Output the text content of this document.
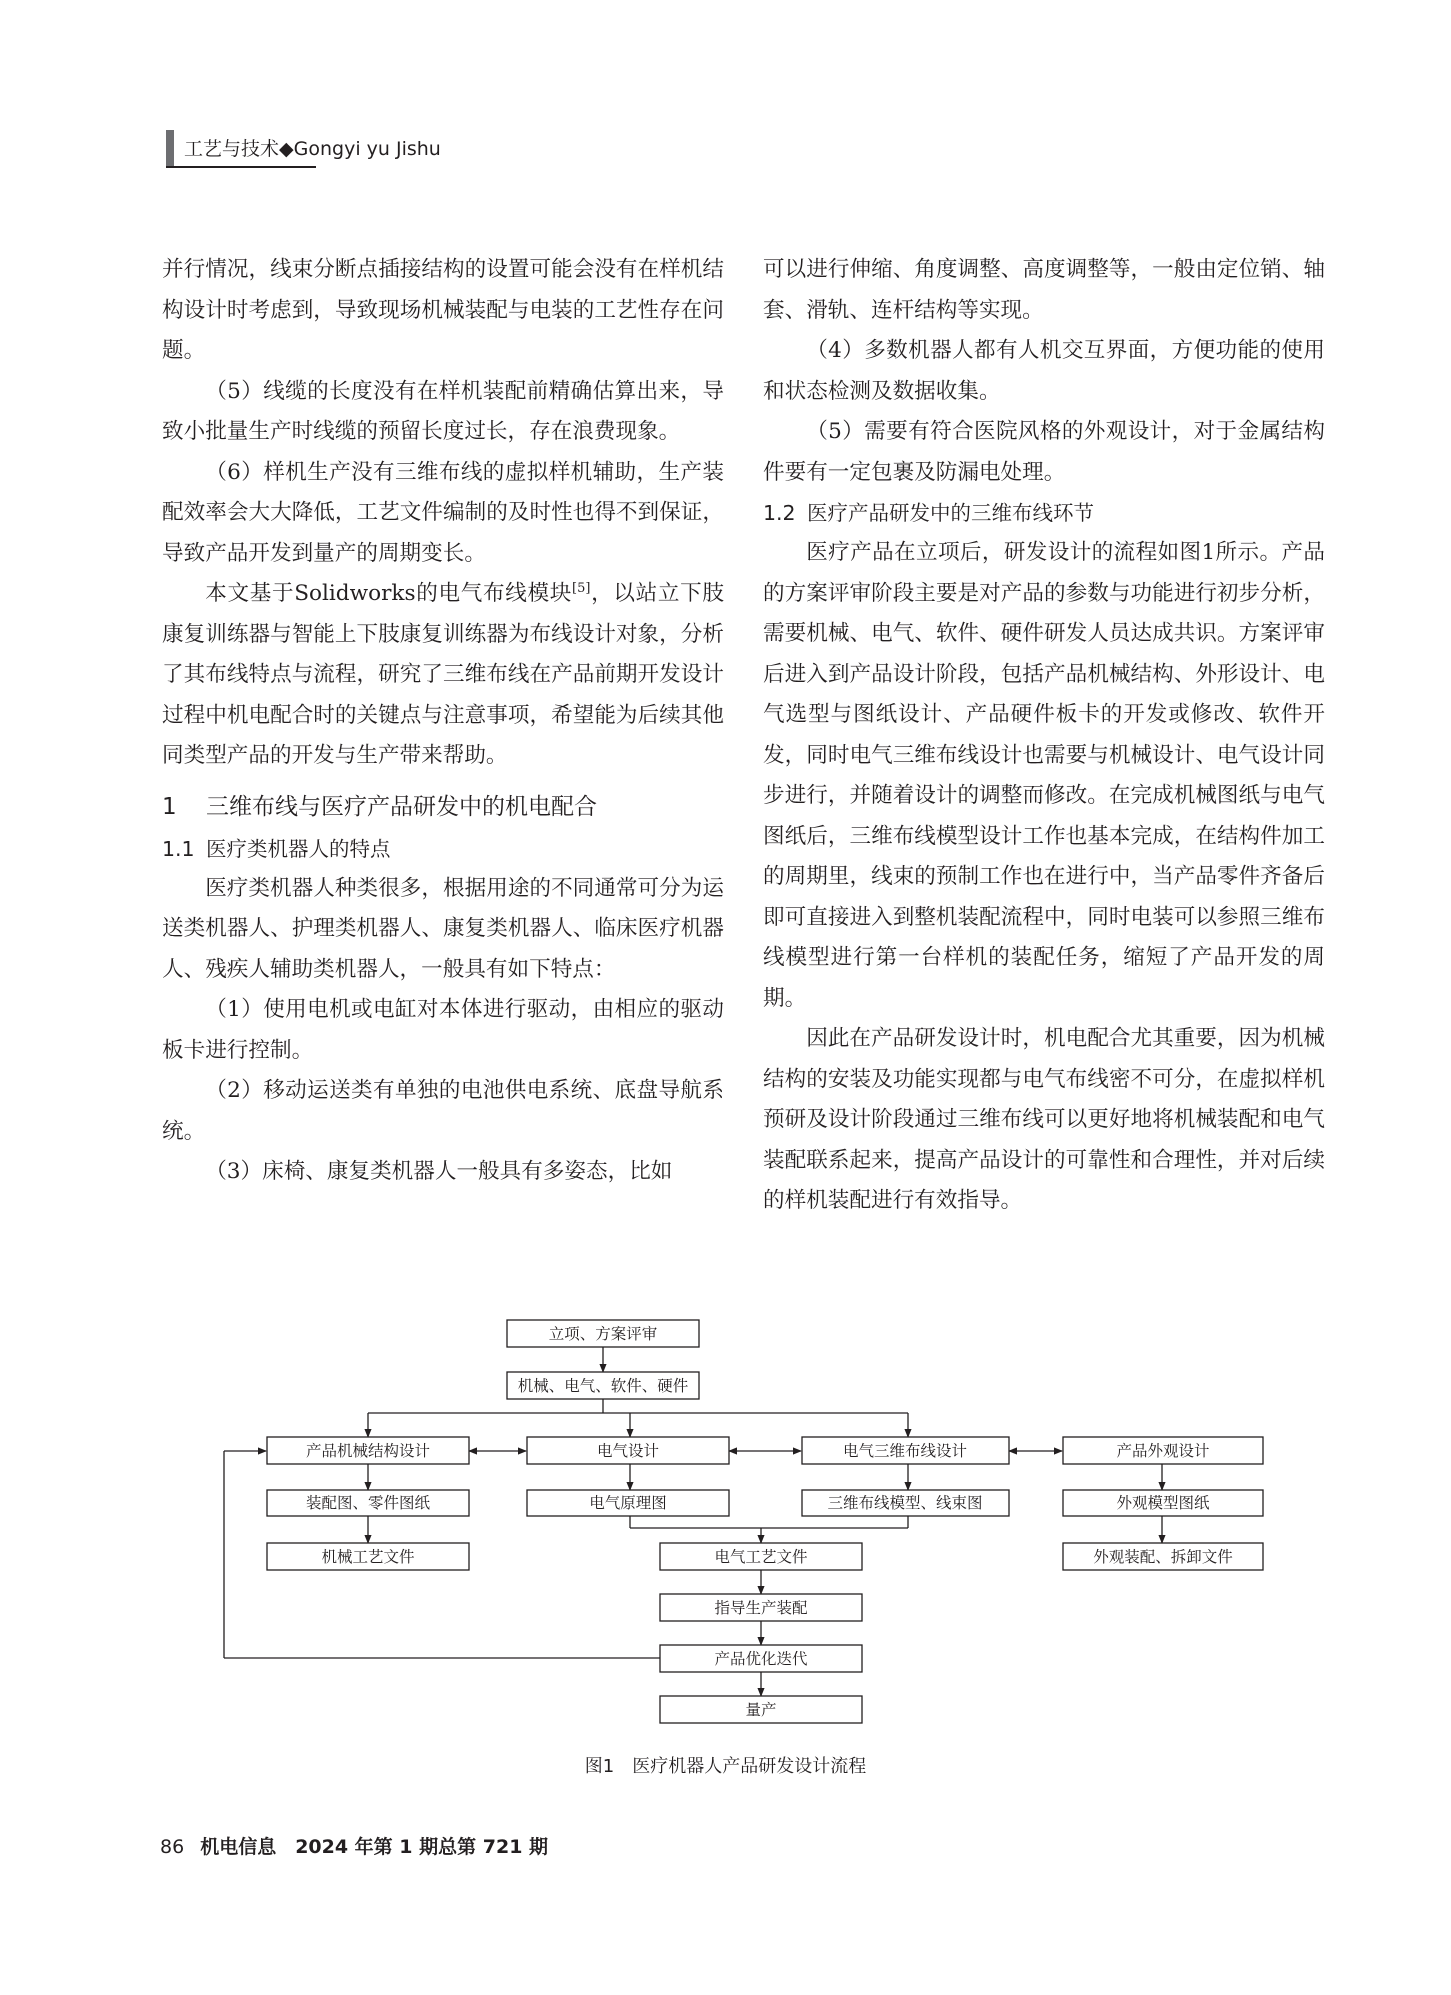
工艺与技术◆Gongyi yu Jishu

并行情况，线束分断点插接结构的设置可能会没有在样机结构设计时考虑到，导致现场机械装配与电装的工艺性存在问题。

（5）线缆的长度没有在样机装配前精确估算出来，导致小批量生产时线缆的预留长度过长，存在浪费现象。

（6）样机生产没有三维布线的虚拟样机辅助，生产装配效率会大大降低，工艺文件编制的及时性也得不到保证，导致产品开发到量产的周期变长。

本文基于Solidworks的电气布线模块[5]，以站立下肢康复训练器与智能上下肢康复训练器为布线设计对象，分析了其布线特点与流程，研究了三维布线在产品前期开发设计过程中机电配合时的关键点与注意事项，希望能为后续其他同类型产品的开发与生产带来帮助。

1 三维布线与医疗产品研发中的机电配合

1.1 医疗类机器人的特点

医疗类机器人种类很多，根据用途的不同通常可分为运送类机器人、护理类机器人、康复类机器人、临床医疗机器人、残疾人辅助类机器人，一般具有如下特点：

（1）使用电机或电缸对本体进行驱动，由相应的驱动板卡进行控制。

（2）移动运送类有单独的电池供电系统、底盘导航系统。

（3）床椅、康复类机器人一般具有多姿态，比如

可以进行伸缩、角度调整、高度调整等，一般由定位销、轴套、滑轨、连杆结构等实现。

（4）多数机器人都有人机交互界面，方便功能的使用和状态检测及数据收集。

（5）需要有符合医院风格的外观设计，对于金属结构件要有一定包裹及防漏电处理。

1.2 医疗产品研发中的三维布线环节

医疗产品在立项后，研发设计的流程如图1所示。产品的方案评审阶段主要是对产品的参数与功能进行初步分析，需要机械、电气、软件、硬件研发人员达成共识。方案评审后进入到产品设计阶段，包括产品机械结构、外形设计、电气选型与图纸设计、产品硬件板卡的开发或修改、软件开发，同时电气三维布线设计也需要与机械设计、电气设计同步进行，并随着设计的调整而修改。在完成机械图纸与电气图纸后，三维布线模型设计工作也基本完成，在结构件加工的周期里，线束的预制工作也在进行中，当产品零件齐备后即可直接进入到整机装配流程中，同时电装可以参照三维布线模型进行第一台样机的装配任务，缩短了产品开发的周期。

因此在产品研发设计时，机电配合尤其重要，因为机械结构的安装及功能实现都与电气布线密不可分，在虚拟样机预研及设计阶段通过三维布线可以更好地将机械装配和电气装配联系起来，提高产品设计的可靠性和合理性，并对后续的样机装配进行有效指导。

立项、方案评审
机械、电气、软件、硬件
产品机械结构设计	电气设计	电气三维布线设计	产品外观设计
装配图、零件图纸	电气原理图	三维布线模型、线束图	外观模型图纸
机械工艺文件	电气工艺文件	外观装配、拆卸文件
指导生产装配
产品优化迭代
量产
图1　医疗机器人产品研发设计流程
86 机电信息　2024 年第 1 期总第 721 期
